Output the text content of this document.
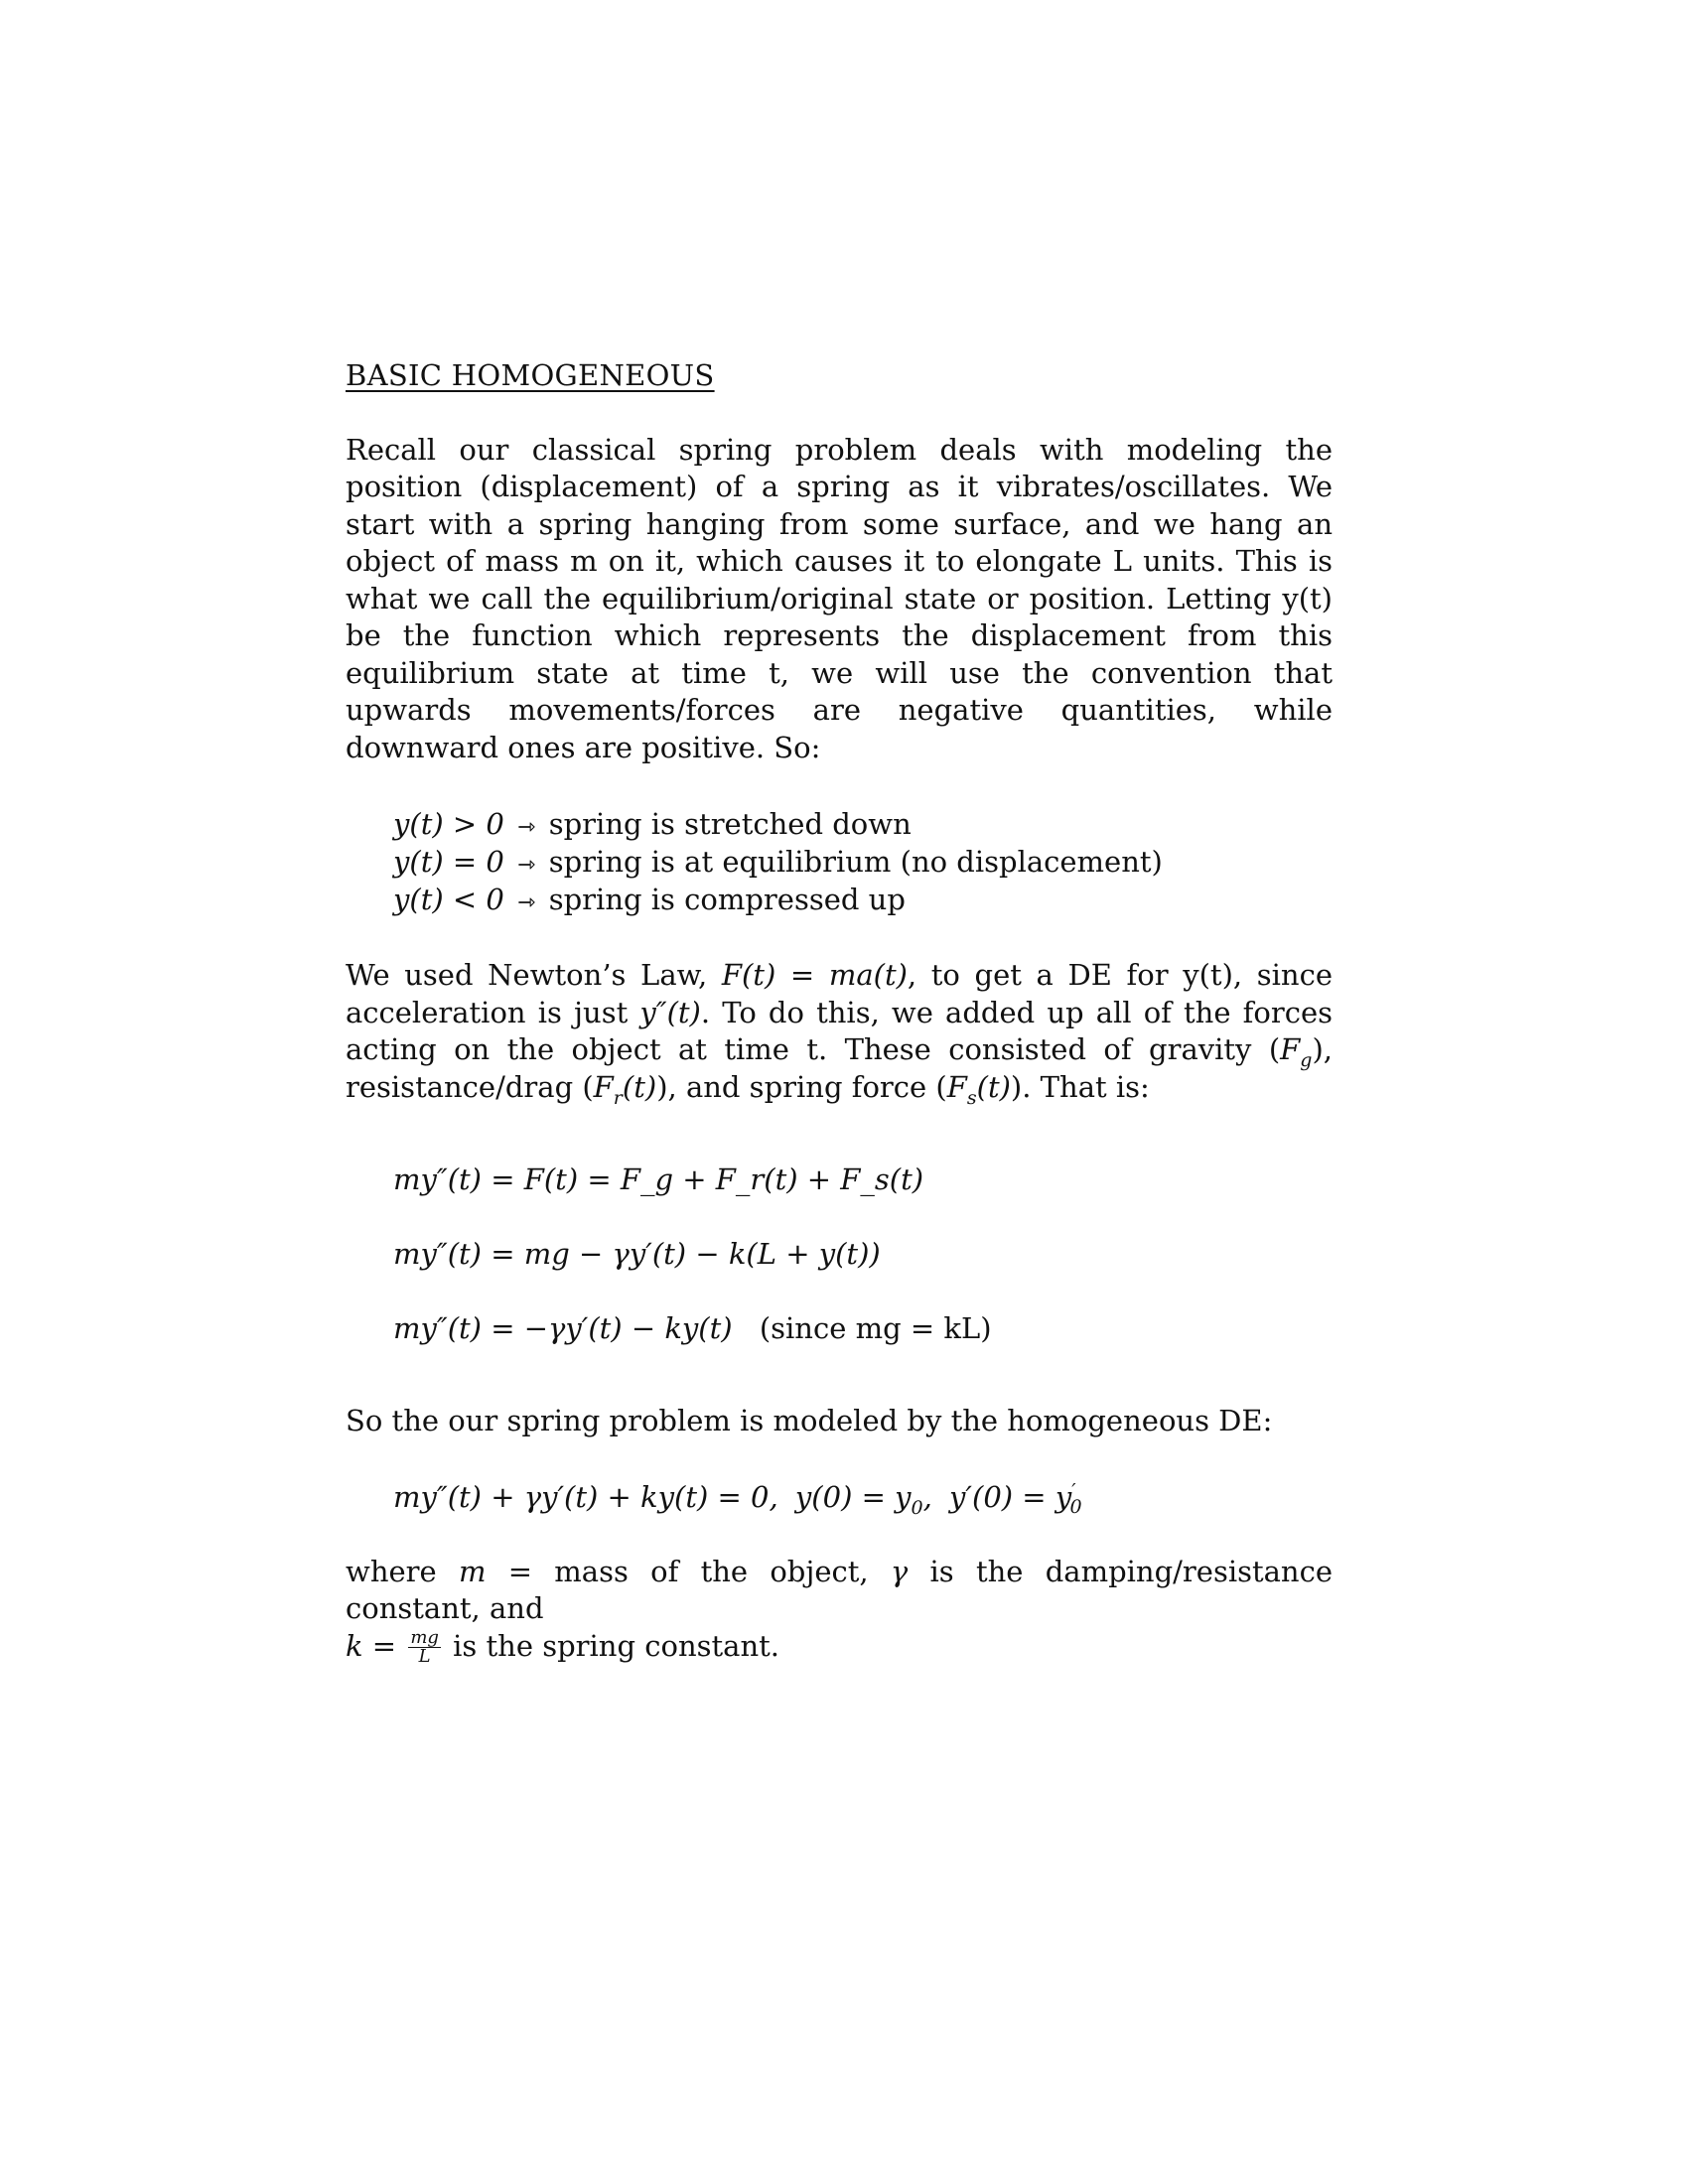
BASIC HOMOGENEOUS

Recall our classical spring problem deals with modeling the position (displacement) of a spring as it vibrates/oscillates. We start with a spring hanging from some surface, and we hang an object of mass m on it, which causes it to elongate L units. This is what we call the equilibrium/original state or position. Letting y(t) be the function which represents the displacement from this equilibrium state at time t, we will use the convention that upwards movements/forces are negative quantities, while downward ones are positive. So:

y(t) > 0 ⇾ spring is stretched down
y(t) = 0 ⇾ spring is at equilibrium (no displacement)
y(t) < 0 ⇾ spring is compressed up

We used Newton’s Law, F(t) = ma(t), to get a DE for y(t), since acceleration is just y″(t). To do this, we added up all of the forces acting on the object at time t. These consisted of gravity $(F_g)$, resistance/drag $(F_r(t))$, and spring force $(F_s(t))$. That is:

my″(t) = F(t) = F_g + F_r(t) + F_s(t)
my″(t) = mg − γy′(t) − k(L + y(t))
my″(t) = −γy′(t) − ky(t) (since mg = kL)

So the our spring problem is modeled by the homogeneous DE:

my″(t) + γy′(t) + ky(t) = 0, $y(0) = y_0$, $y'(0) = y'_0$

where m = mass of the object, γ is the damping/resistance constant, and
$k = \frac{mg}{L}$ is the spring constant.
